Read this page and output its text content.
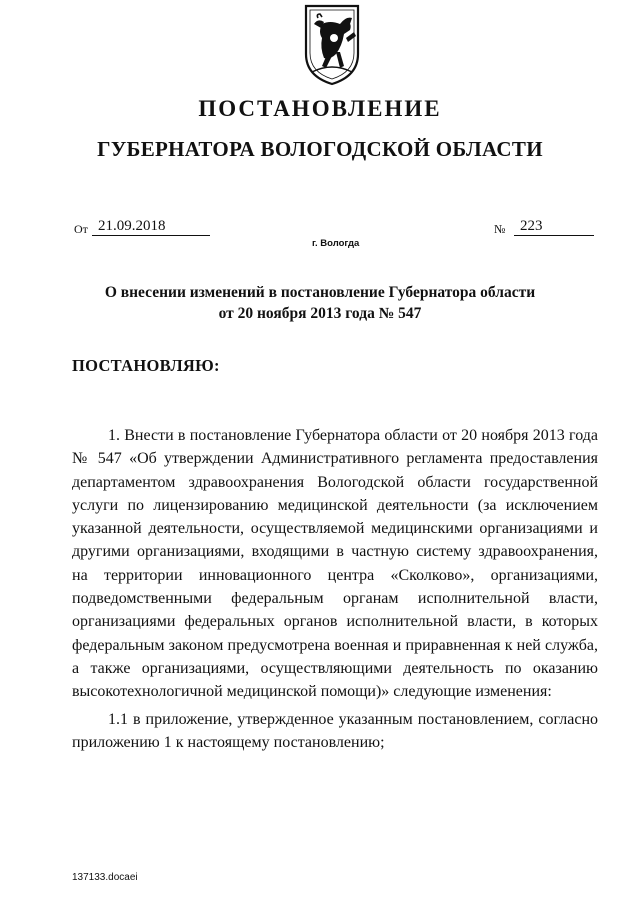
ПОСТАНОВЛЕНИЕ
ГУБЕРНАТОРА ВОЛОГОДСКОЙ ОБЛАСТИ
От 21.09.2018	№ 223
г. Вологда
О внесении изменений в постановление Губернатора области
от 20 ноября 2013 года № 547
ПОСТАНОВЛЯЮ:

1. Внести в постановление Губернатора области от 20 ноября 2013 года № 547 «Об утверждении Административного регламента предоставления департаментом здравоохранения Вологодской области государственной услуги по лицензированию медицинской деятельности (за исключением указанной деятельности, осуществляемой медицинскими организациями и другими организациями, входящими в частную систему здравоохранения, на территории инновационного центра «Сколково», организациями, подведомственными федеральным органам исполнительной власти, организациями федеральных органов исполнительной власти, в которых федеральным законом предусмотрена военная и приравненная к ней служба, а также организациями, осуществляющими деятельность по оказанию высокотехнологичной медицинской помощи)» следующие изменения:

1.1 в приложение, утвержденное указанным постановлением, согласно приложению 1 к настоящему постановлению;

137133.docaei
